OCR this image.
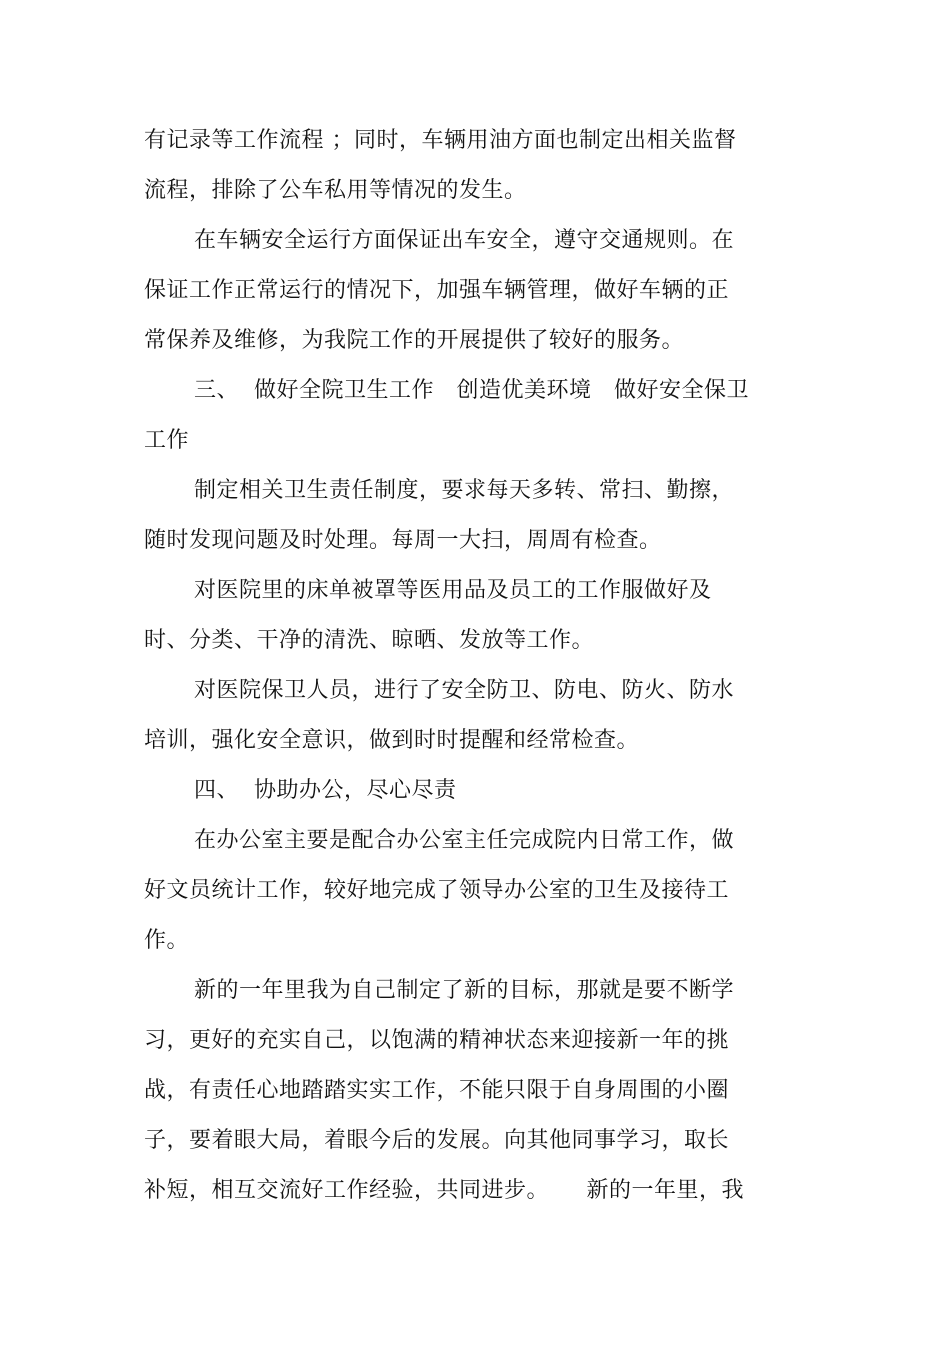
有记录等工作流程 ；同时，车辆用油方面也制定出相关监督
流程，排除了公车私用等情况的发生。
在车辆安全运行方面保证出车安全，遵守交通规则。在
保证工作正常运行的情况下，加强车辆管理，做好车辆的正
常保养及维修，为我院工作的开展提供了较好的服务。
三、  做好全院卫生工作   创造优美环境   做好安全保卫
工作
制定相关卫生责任制度，要求每天多转、常扫、勤擦，
随时发现问题及时处理。每周一大扫，周周有检查。
对医院里的床单被罩等医用品及员工的工作服做好及
时、分类、干净的清洗、晾晒、发放等工作。
对医院保卫人员，进行了安全防卫、防电、防火、防水
培训，强化安全意识，做到时时提醒和经常检查。
四、  协助办公，尽心尽责
在办公室主要是配合办公室主任完成院内日常工作，做
好文员统计工作，较好地完成了领导办公室的卫生及接待工
作。
新的一年里我为自己制定了新的目标，那就是要不断学
习，更好的充实自己，以饱满的精神状态来迎接新一年的挑
战，有责任心地踏踏实实工作，不能只限于自身周围的小圈
子，要着眼大局，着眼今后的发展。向其他同事学习，取长
补短，相互交流好工作经验，共同进步。     新的一年里，我
